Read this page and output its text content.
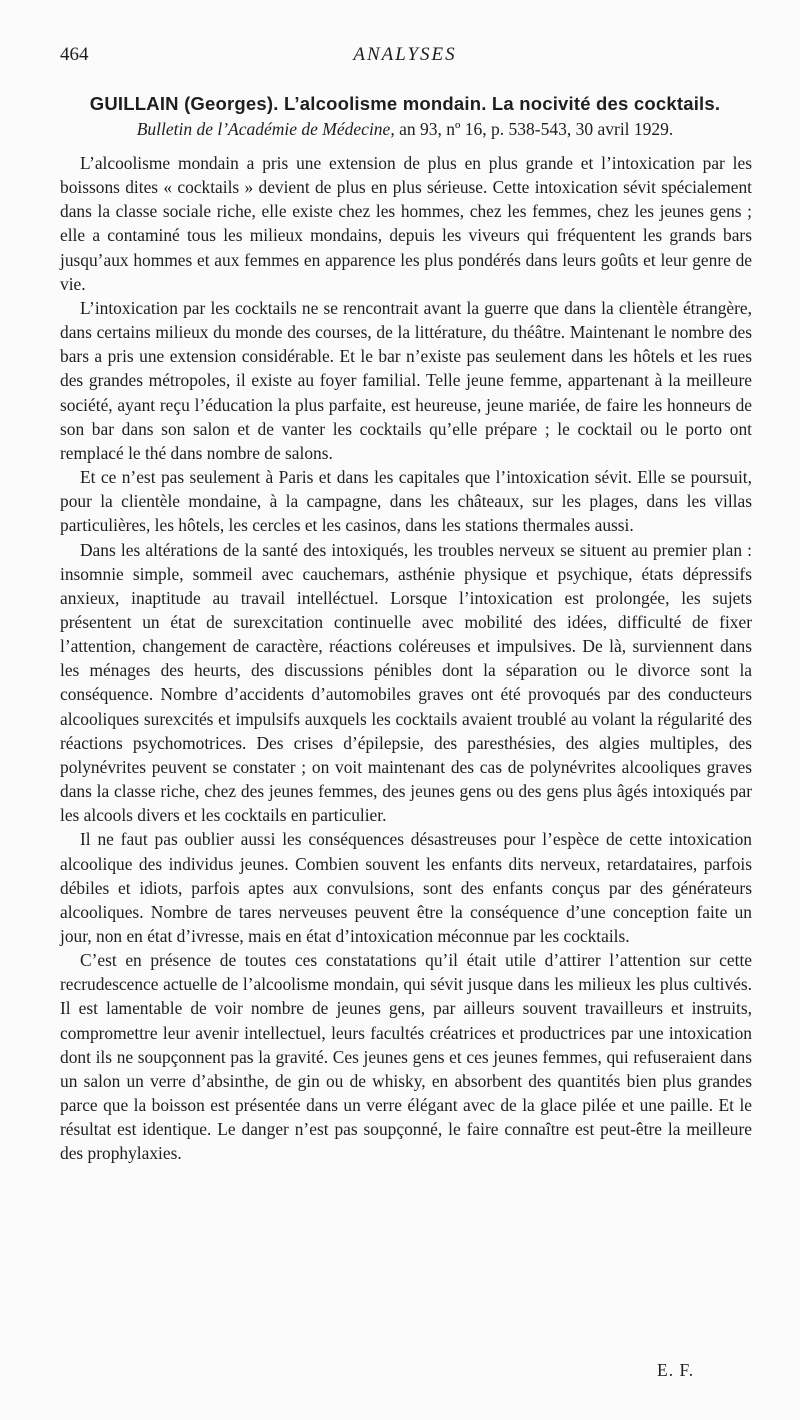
464	ANALYSES
GUILLAIN (Georges). L’alcoolisme mondain. La nocivité des cocktails.
Bulletin de l’Académie de Médecine, an 93, nº 16, p. 538-543, 30 avril 1929.

L’alcoolisme mondain a pris une extension de plus en plus grande et l’intoxication par les boissons dites « cocktails » devient de plus en plus sérieuse. Cette intoxication sévit spécialement dans la classe sociale riche, elle existe chez les hommes, chez les femmes, chez les jeunes gens ; elle a contaminé tous les milieux mondains, depuis les viveurs qui fréquentent les grands bars jusqu’aux hommes et aux femmes en apparence les plus pondérés dans leurs goûts et leur genre de vie.

L’intoxication par les cocktails ne se rencontrait avant la guerre que dans la clientèle étrangère, dans certains milieux du monde des courses, de la littérature, du théâtre. Maintenant le nombre des bars a pris une extension considérable. Et le bar n’existe pas seulement dans les hôtels et les rues des grandes métropoles, il existe au foyer familial. Telle jeune femme, appartenant à la meilleure société, ayant reçu l’éducation la plus parfaite, est heureuse, jeune mariée, de faire les honneurs de son bar dans son salon et de vanter les cocktails qu’elle prépare ; le cocktail ou le porto ont remplacé le thé dans nombre de salons.

Et ce n’est pas seulement à Paris et dans les capitales que l’intoxication sévit. Elle se poursuit, pour la clientèle mondaine, à la campagne, dans les châteaux, sur les plages, dans les villas particulières, les hôtels, les cercles et les casinos, dans les stations thermales aussi.

Dans les altérations de la santé des intoxiqués, les troubles nerveux se situent au premier plan : insomnie simple, sommeil avec cauchemars, asthénie physique et psychique, états dépressifs anxieux, inaptitude au travail intelléctuel. Lorsque l’intoxication est prolongée, les sujets présentent un état de surexcitation continuelle avec mobilité des idées, difficulté de fixer l’attention, changement de caractère, réactions coléreuses et impulsives. De là, surviennent dans les ménages des heurts, des discussions pénibles dont la séparation ou le divorce sont la conséquence. Nombre d’accidents d’automobiles graves ont été provoqués par des conducteurs alcooliques surexcités et impulsifs auxquels les cocktails avaient troublé au volant la régularité des réactions psychomotrices. Des crises d’épilepsie, des paresthésies, des algies multiples, des polynévrites peuvent se constater ; on voit maintenant des cas de polynévrites alcooliques graves dans la classe riche, chez des jeunes femmes, des jeunes gens ou des gens plus âgés intoxiqués par les alcools divers et les cocktails en particulier.

Il ne faut pas oublier aussi les conséquences désastreuses pour l’espèce de cette intoxication alcoolique des individus jeunes. Combien souvent les enfants dits nerveux, retardataires, parfois débiles et idiots, parfois aptes aux convulsions, sont des enfants conçus par des générateurs alcooliques. Nombre de tares nerveuses peuvent être la conséquence d’une conception faite un jour, non en état d’ivresse, mais en état d’intoxication méconnue par les cocktails.

C’est en présence de toutes ces constatations qu’il était utile d’attirer l’attention sur cette recrudescence actuelle de l’alcoolisme mondain, qui sévit jusque dans les milieux les plus cultivés. Il est lamentable de voir nombre de jeunes gens, par ailleurs souvent travailleurs et instruits, compromettre leur avenir intellectuel, leurs facultés créatrices et productrices par une intoxication dont ils ne soupçonnent pas la gravité. Ces jeunes gens et ces jeunes femmes, qui refuseraient dans un salon un verre d’absinthe, de gin ou de whisky, en absorbent des quantités bien plus grandes parce que la boisson est présentée dans un verre élégant avec de la glace pilée et une paille. Et le résultat est identique. Le danger n’est pas soupçonné, le faire connaître est peut-être la meilleure des prophylaxies.

E. F.
